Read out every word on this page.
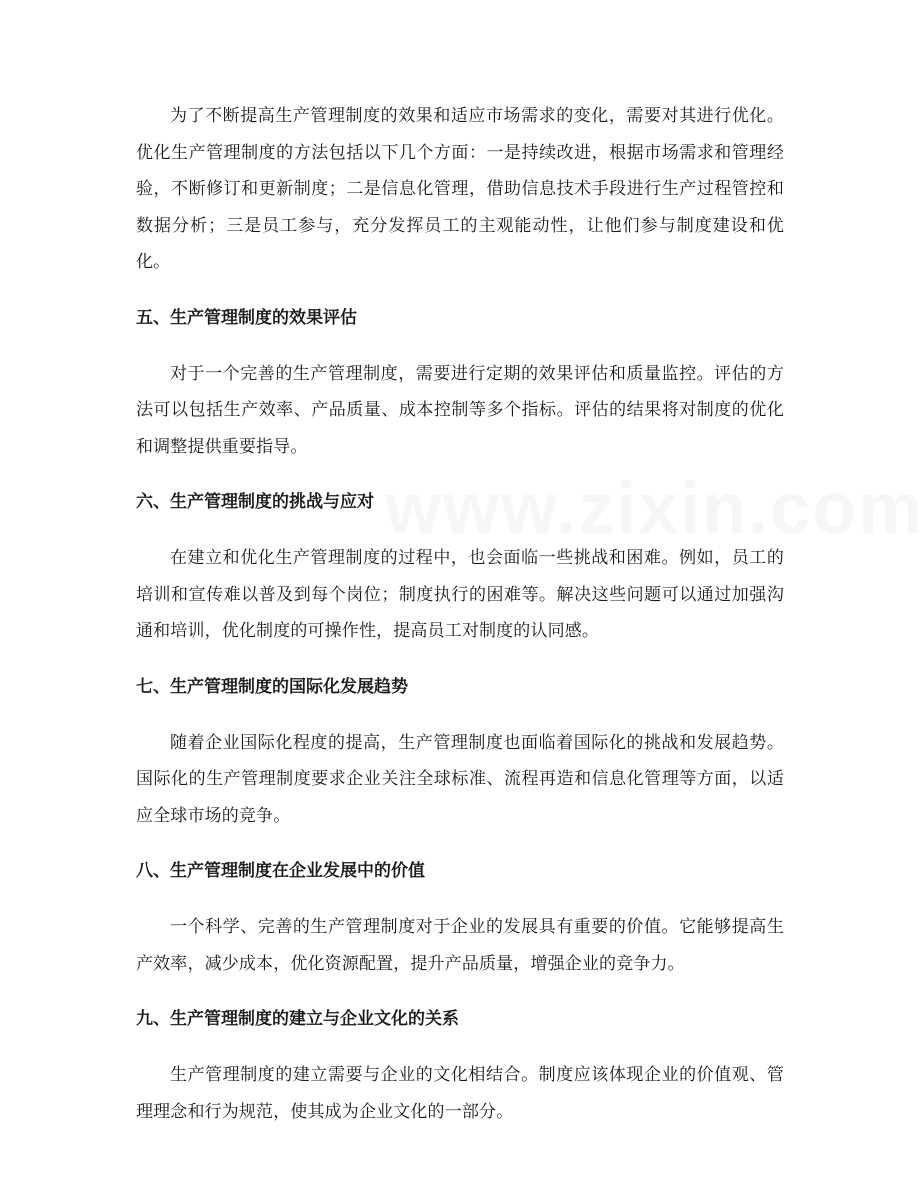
为了不断提高生产管理制度的效果和适应市场需求的变化，需要对其进行优化。优化生产管理制度的方法包括以下几个方面：一是持续改进，根据市场需求和管理经验，不断修订和更新制度；二是信息化管理，借助信息技术手段进行生产过程管控和数据分析；三是员工参与，充分发挥员工的主观能动性，让他们参与制度建设和优化。

五、生产管理制度的效果评估

对于一个完善的生产管理制度，需要进行定期的效果评估和质量监控。评估的方法可以包括生产效率、产品质量、成本控制等多个指标。评估的结果将对制度的优化和调整提供重要指导。

六、生产管理制度的挑战与应对

在建立和优化生产管理制度的过程中，也会面临一些挑战和困难。例如，员工的培训和宣传难以普及到每个岗位；制度执行的困难等。解决这些问题可以通过加强沟通和培训，优化制度的可操作性，提高员工对制度的认同感。

七、生产管理制度的国际化发展趋势

随着企业国际化程度的提高，生产管理制度也面临着国际化的挑战和发展趋势。国际化的生产管理制度要求企业关注全球标准、流程再造和信息化管理等方面，以适应全球市场的竞争。

八、生产管理制度在企业发展中的价值

一个科学、完善的生产管理制度对于企业的发展具有重要的价值。它能够提高生产效率，减少成本，优化资源配置，提升产品质量，增强企业的竞争力。

九、生产管理制度的建立与企业文化的关系

生产管理制度的建立需要与企业的文化相结合。制度应该体现企业的价值观、管理理念和行为规范，使其成为企业文化的一部分。
